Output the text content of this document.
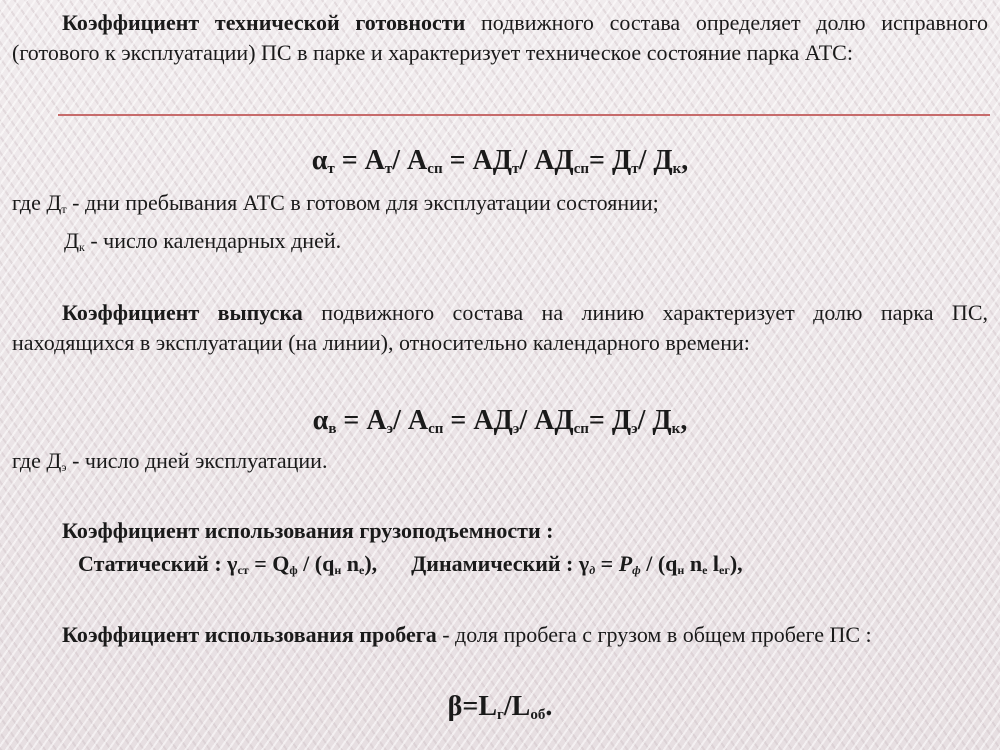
Коэффициент технической готовности подвижного состава определяет долю исправного (готового к эксплуатации) ПС в парке и характеризует техническое состояние парка АТС:

$\alpha_т = А_т/$ $А_{сп} = АД_т/$ $АД_{сп}= Д_т/$ $Д_к$,
где $Д_т$ - дни пребывания АТС в готовом для эксплуатации состоянии;
$Д_к$ - число календарных дней.

Коэффициент выпуска подвижного состава на линию характеризует долю парка ПС, находящихся в эксплуатации (на линии), относительно календарного времени:

$\alpha_в = А_э/$ $А_{сп} = АД_э/$ $АД_{сп}= Д_э/$ $Д_к$,
где $Д_э$ - число дней эксплуатации.
Коэффициент использования грузоподъемности :
Статический : $\gamma_{ст} = Q_ф / (q_н$ $n_е$), Динамический : $\gamma_д = P_ф / (q_н$ $n_е$ $l_{ег}$),

Коэффициент использования пробега - доля пробега с грузом в общем пробеге ПС :

$\beta=L_г/L_{об}$.
